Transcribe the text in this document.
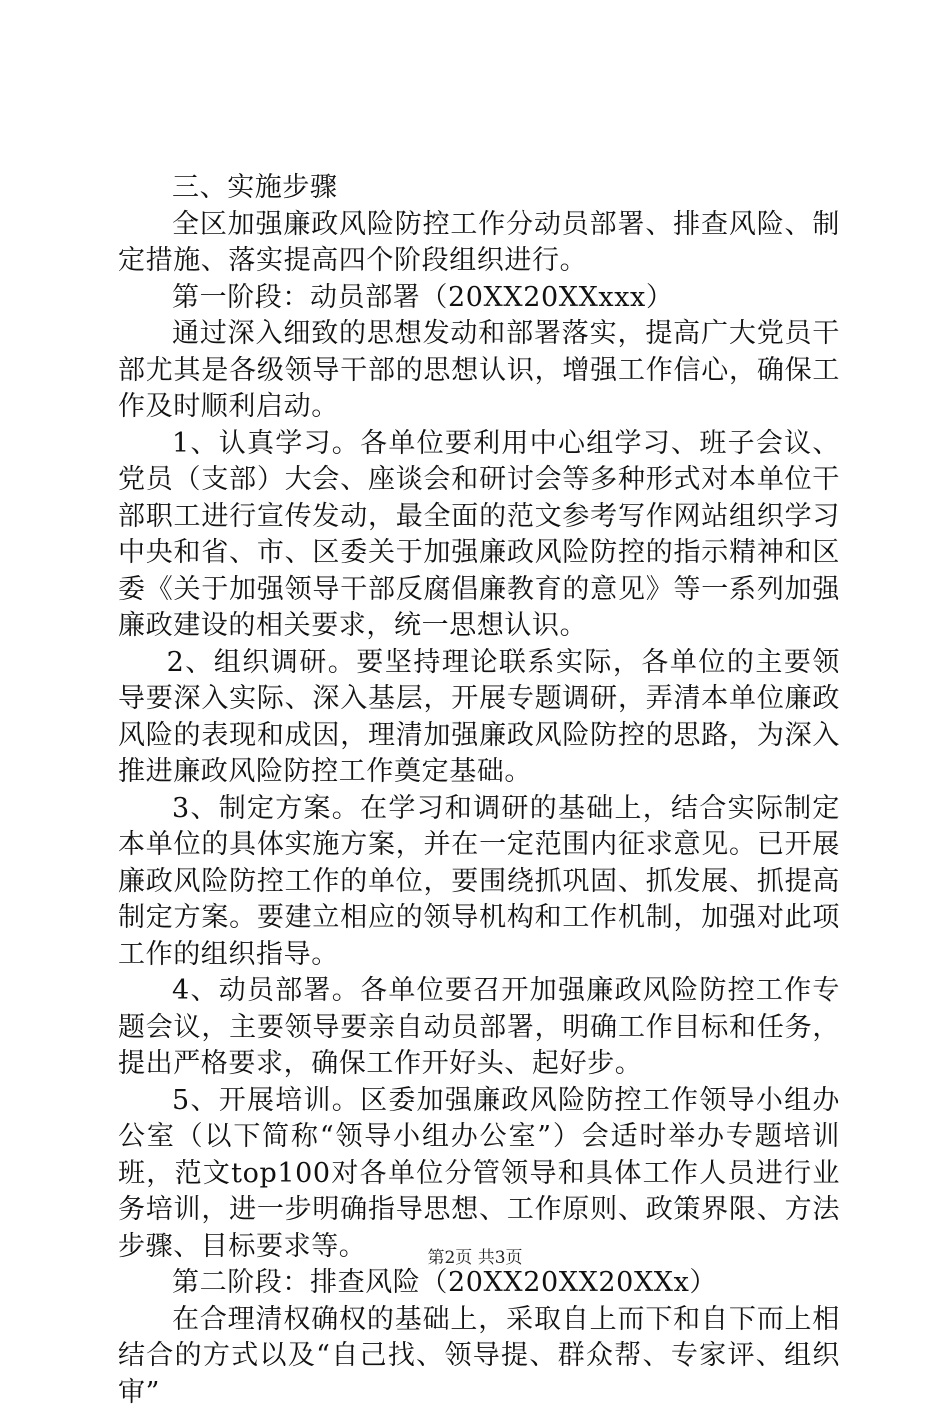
三、实施步骤

全区加强廉政风险防控工作分动员部署、排查风险、制定措施、落实提高四个阶段组织进行。

第一阶段：动员部署（20XX20XXxxx）

通过深入细致的思想发动和部署落实，提高广大党员干部尤其是各级领导干部的思想认识，增强工作信心，确保工作及时顺利启动。

1、认真学习。各单位要利用中心组学习、班子会议、党员（支部）大会、座谈会和研讨会等多种形式对本单位干部职工进行宣传发动，最全面的范文参考写作网站组织学习中央和省、市、区委关于加强廉政风险防控的指示精神和区委《关于加强领导干部反腐倡廉教育的意见》等一系列加强廉政建设的相关要求，统一思想认识。

2、组织调研。要坚持理论联系实际，各单位的主要领导要深入实际、深入基层，开展专题调研，弄清本单位廉政风险的表现和成因，理清加强廉政风险防控的思路，为深入推进廉政风险防控工作奠定基础。

3、制定方案。在学习和调研的基础上，结合实际制定本单位的具体实施方案，并在一定范围内征求意见。已开展廉政风险防控工作的单位，要围绕抓巩固、抓发展、抓提高制定方案。要建立相应的领导机构和工作机制，加强对此项工作的组织指导。

4、动员部署。各单位要召开加强廉政风险防控工作专题会议，主要领导要亲自动员部署，明确工作目标和任务，提出严格要求，确保工作开好头、起好步。

5、开展培训。区委加强廉政风险防控工作领导小组办公室（以下简称“领导小组办公室”）会适时举办专题培训班，范文top100对各单位分管领导和具体工作人员进行业务培训，进一步明确指导思想、工作原则、政策界限、方法步骤、目标要求等。

第二阶段：排查风险（20XX20XX20XXx）

在合理清权确权的基础上，采取自上而下和自下而上相结合的方式以及“自己找、领导提、群众帮、专家评、组织审”

第2页 共3页
